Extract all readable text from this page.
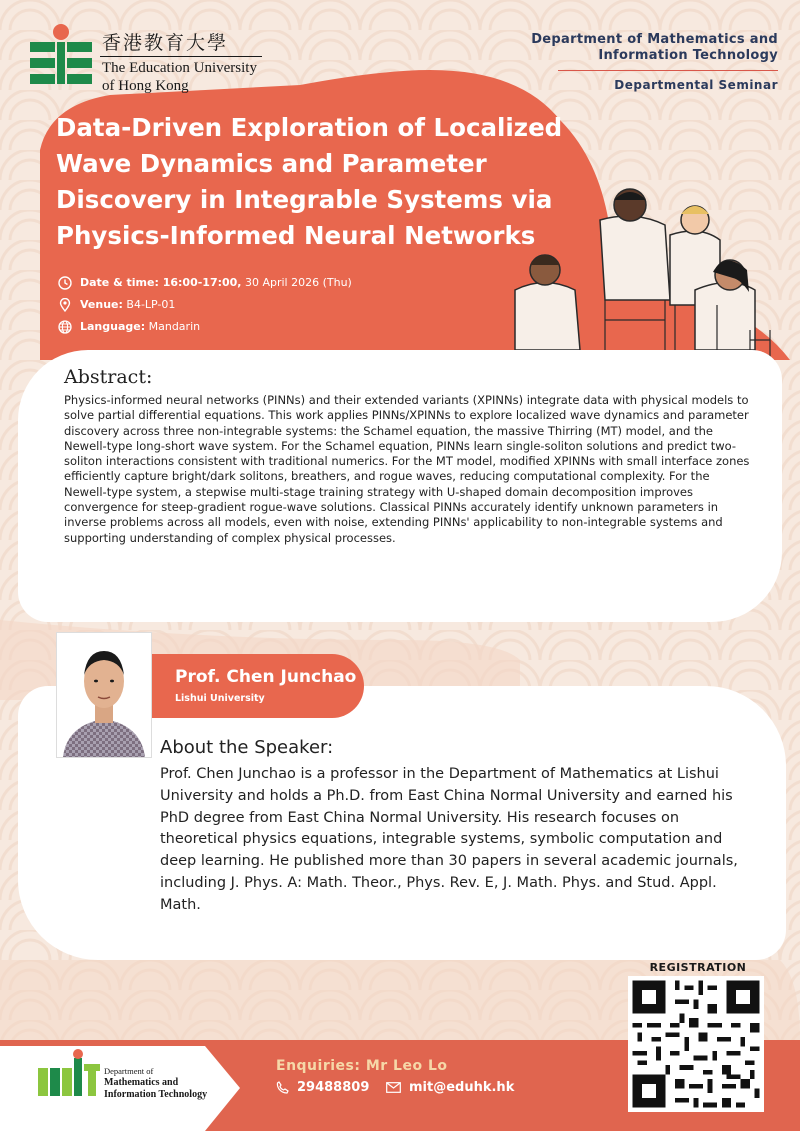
香港教育大學
The Education University
of Hong Kong
Department of Mathematics and
Information Technology
Departmental Seminar
Data-Driven Exploration of Localized Wave Dynamics and Parameter Discovery in Integrable Systems via Physics-Informed Neural Networks
Date & time: 16:00-17:00, 30 April 2026 (Thu)
Venue: B4-LP-01
Language: Mandarin
Abstract:
Physics-informed neural networks (PINNs) and their extended variants (XPINNs) integrate data with physical models to solve partial differential equations. This work applies PINNs/XPINNs to explore localized wave dynamics and parameter discovery across three non-integrable systems: the Schamel equation, the massive Thirring (MT) model, and the Newell-type long-short wave system. For the Schamel equation, PINNs learn single-soliton solutions and predict two-soliton interactions consistent with traditional numerics. For the MT model, modified XPINNs with small interface zones efficiently capture bright/dark solitons, breathers, and rogue waves, reducing computational complexity. For the Newell-type system, a stepwise multi-stage training strategy with U-shaped domain decomposition improves convergence for steep-gradient rogue-wave solutions. Classical PINNs accurately identify unknown parameters in inverse problems across all models, even with noise, extending PINNs' applicability to non-integrable systems and supporting understanding of complex physical processes.
Prof. Chen Junchao
Lishui University
About the Speaker:
Prof. Chen Junchao is a professor in the Department of Mathematics at Lishui University and holds a Ph.D. from East China Normal University and earned his PhD degree from East China Normal University. His research focuses on theoretical physics equations, integrable systems, symbolic computation and deep learning. He published more than 30 papers in several academic journals, including J. Phys. A: Math. Theor., Phys. Rev. E, J. Math. Phys. and Stud. Appl. Math.
Department of
Mathematics and
Information Technology
Enquiries: Mr Leo Lo
29488809	mit@eduhk.hk
REGISTRATION
